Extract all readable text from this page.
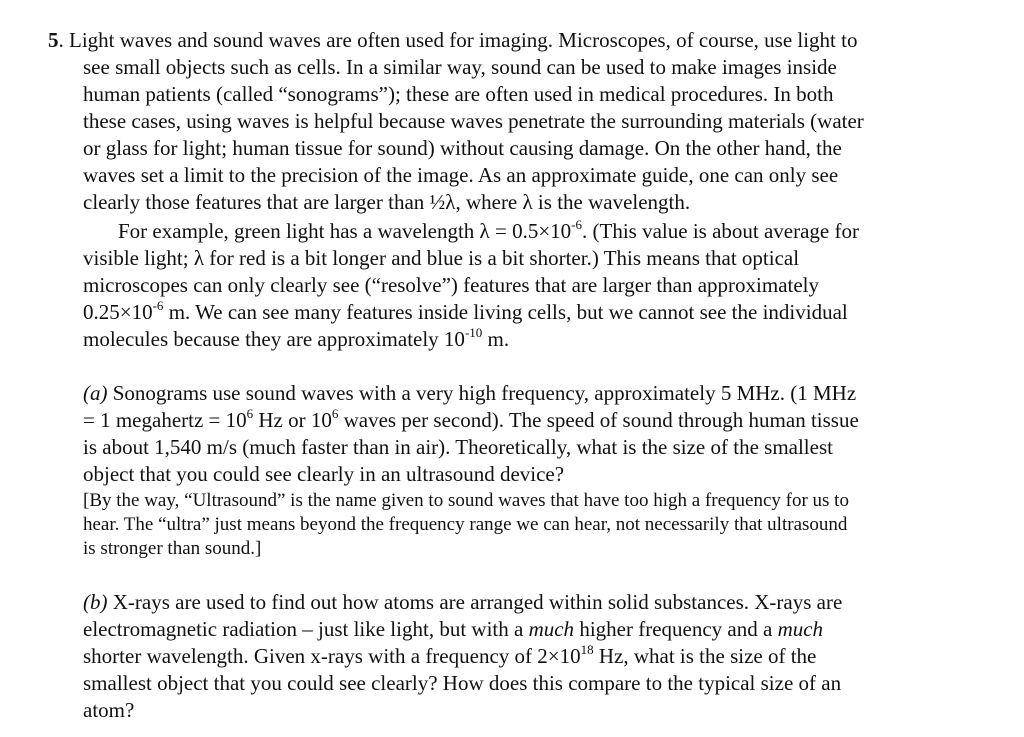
5. Light waves and sound waves are often used for imaging. Microscopes, of course, use light to
see small objects such as cells. In a similar way, sound can be used to make images inside
human patients (called “sonograms”); these are often used in medical procedures. In both
these cases, using waves is helpful because waves penetrate the surrounding materials (water
or glass for light; human tissue for sound) without causing damage. On the other hand, the
waves set a limit to the precision of the image. As an approximate guide, one can only see
clearly those features that are larger than ½λ, where λ is the wavelength.
For example, green light has a wavelength $\lambda = 0.5\times 10^{-6}$. (This value is about average for
visible light; λ for red is a bit longer and blue is a bit shorter.) This means that optical
microscopes can only clearly see (“resolve”) features that are larger than approximately
$0.25\times 10^{-6}$ m. We can see many features inside living cells, but we cannot see the individual
molecules because they are approximately $10^{-10}$ m.
(a) Sonograms use sound waves with a very high frequency, approximately 5 MHz. (1 MHz
= 1 megahertz = $10^6$ Hz or $10^6$ waves per second). The speed of sound through human tissue
is about 1,540 m/s (much faster than in air). Theoretically, what is the size of the smallest
object that you could see clearly in an ultrasound device?
[By the way, “Ultrasound” is the name given to sound waves that have too high a frequency for us to
hear. The “ultra” just means beyond the frequency range we can hear, not necessarily that ultrasound
is stronger than sound.]
(b) X-rays are used to find out how atoms are arranged within solid substances. X-rays are
electromagnetic radiation – just like light, but with a much higher frequency and a much
shorter wavelength. Given x-rays with a frequency of $2\times 10^{18}$ Hz, what is the size of the
smallest object that you could see clearly? How does this compare to the typical size of an
atom?
